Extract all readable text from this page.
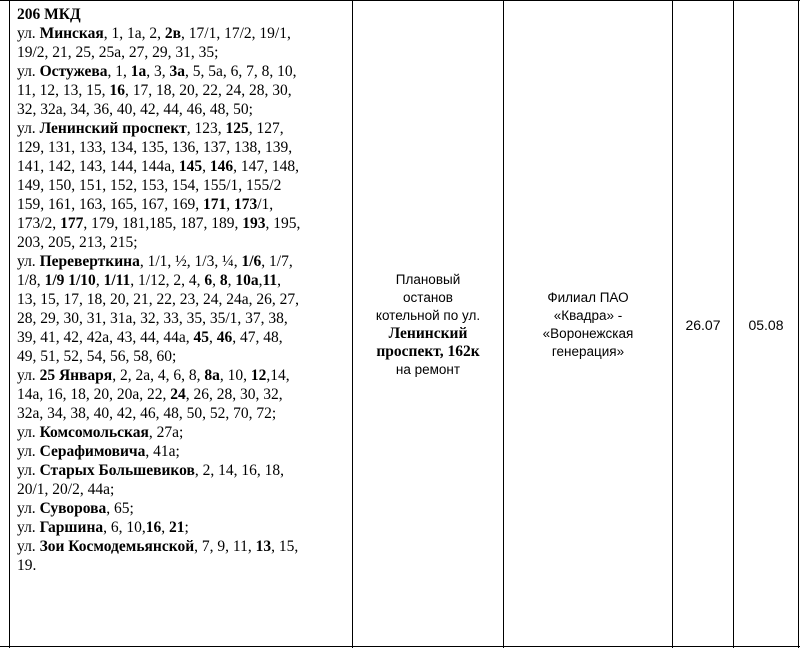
206 МКД
ул. Минская, 1, 1а, 2, 2в, 17/1, 17/2, 19/1,
19/2, 21, 25, 25а, 27, 29, 31, 35;
ул. Остужева, 1, 1а, 3, 3а, 5, 5а, 6, 7, 8, 10,
11, 12, 13, 15, 16, 17, 18, 20, 22, 24, 28, 30,
32, 32а, 34, 36, 40, 42, 44, 46, 48, 50;
ул. Ленинский проспект, 123, 125, 127,
129, 131, 133, 134, 135, 136, 137, 138, 139,
141, 142, 143, 144, 144а, 145, 146, 147, 148,
149, 150, 151, 152, 153, 154, 155/1, 155/2
159, 161, 163, 165, 167, 169, 171, 173/1,
173/2, 177, 179, 181,185, 187, 189, 193, 195,
203, 205, 213, 215;
ул. Переверткина, 1/1, ½, 1/3, ¼, 1/6, 1/7,
1/8, 1/9 1/10, 1/11, 1/12, 2, 4, 6, 8, 10а,11,
13, 15, 17, 18, 20, 21, 22, 23, 24, 24а, 26, 27,
28, 29, 30, 31, 31а, 32, 33, 35, 35/1, 37, 38,
39, 41, 42, 42а, 43, 44, 44а, 45, 46, 47, 48,
49, 51, 52, 54, 56, 58, 60;
ул. 25 Января, 2, 2а, 4, 6, 8, 8а, 10, 12,14,
14а, 16, 18, 20, 20а, 22, 24, 26, 28, 30, 32,
32а, 34, 38, 40, 42, 46, 48, 50, 52, 70, 72;
ул. Комсомольская, 27а;
ул. Серафимовича, 41а;
ул. Старых Большевиков, 2, 14, 16, 18,
20/1, 20/2, 44а;
ул. Суворова, 65;
ул. Гаршина, 6, 10,16, 21;
ул. Зои Космодемьянской, 7, 9, 11, 13, 15,
19.
Плановый
останов
котельной по ул.
Ленинский
проспект, 162к
на ремонт
Филиал ПАО
«Квадра» -
«Воронежская
генерация»
26.07 05.08
